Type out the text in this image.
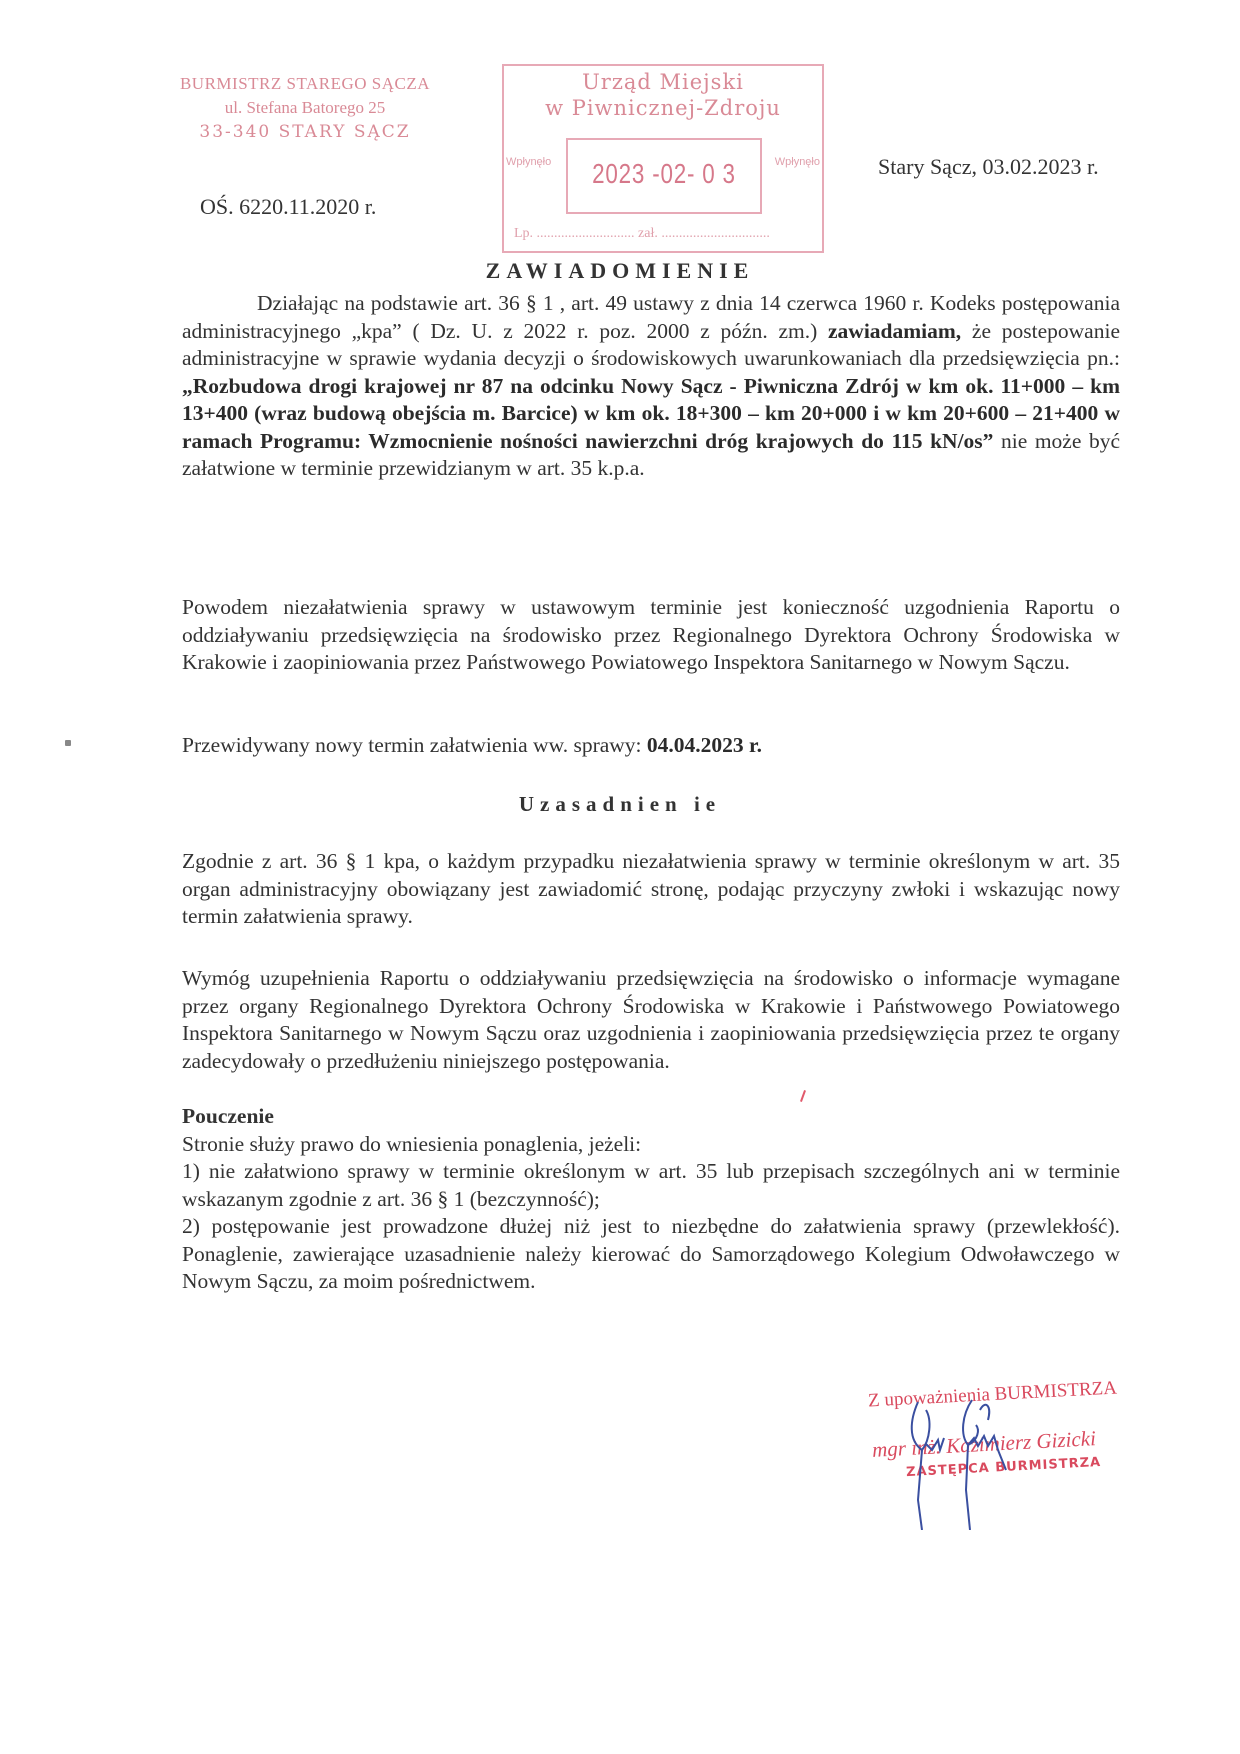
BURMISTRZ STAREGO SĄCZA
ul. Stefana Batorego 25
33-340 STARY SĄCZ
OŚ. 6220.11.2020 r.
Urząd Miejski
w Piwnicznej-Zdroju
Wpłynęło 2023 -02- 0 3	Wpłynęło
Lp. ............................ zał. ...............................
Stary Sącz, 03.02.2023 r.
ZAWIADOMIENIE
Działając na podstawie art. 36 § 1 , art. 49 ustawy z dnia 14 czerwca 1960 r. Kodeks postępowania administracyjnego „kpa” ( Dz. U. z 2022 r. poz. 2000 z późn. zm.) zawiadamiam, że postepowanie administracyjne w sprawie wydania decyzji o środowiskowych uwarunkowaniach dla przedsięwzięcia pn.: „Rozbudowa drogi krajowej nr 87 na odcinku Nowy Sącz - Piwniczna Zdrój w km ok. 11+000 – km 13+400 (wraz budową obejścia m. Barcice) w km ok. 18+300 – km 20+000 i w km 20+600 – 21+400 w ramach Programu: Wzmocnienie nośności nawierzchni dróg krajowych do 115 kN/os” nie może być załatwione w terminie przewidzianym w art. 35 k.p.a.
Powodem niezałatwienia sprawy w ustawowym terminie jest konieczność uzgodnienia Raportu o oddziaływaniu przedsięwzięcia na środowisko przez Regionalnego Dyrektora Ochrony Środowiska w Krakowie i zaopiniowania przez Państwowego Powiatowego Inspektora Sanitarnego w Nowym Sączu.
Przewidywany nowy termin załatwienia ww. sprawy: 04.04.2023 r.
Uzasadnien ie
Zgodnie z art. 36 § 1 kpa, o każdym przypadku niezałatwienia sprawy w terminie określonym w art. 35 organ administracyjny obowiązany jest zawiadomić stronę, podając przyczyny zwłoki i wskazując nowy termin załatwienia sprawy.
Wymóg uzupełnienia Raportu o oddziaływaniu przedsięwzięcia na środowisko o informacje wymagane przez organy Regionalnego Dyrektora Ochrony Środowiska w Krakowie i Państwowego Powiatowego Inspektora Sanitarnego w Nowym Sączu oraz uzgodnienia i zaopiniowania przedsięwzięcia przez te organy zadecydowały o przedłużeniu niniejszego postępowania.
Pouczenie
Stronie służy prawo do wniesienia ponaglenia, jeżeli:
1) nie załatwiono sprawy w terminie określonym w art. 35 lub przepisach szczególnych ani w terminie wskazanym zgodnie z art. 36 § 1 (bezczynność);
2) postępowanie jest prowadzone dłużej niż jest to niezbędne do załatwienia sprawy (przewlekłość). Ponaglenie, zawierające uzasadnienie należy kierować do Samorządowego Kolegium Odwoławczego w Nowym Sączu, za moim pośrednictwem.
Z upoważnienia BURMISTRZA
mgr inż. Kazimierz Gizicki
ZASTĘPCA BURMISTRZA
